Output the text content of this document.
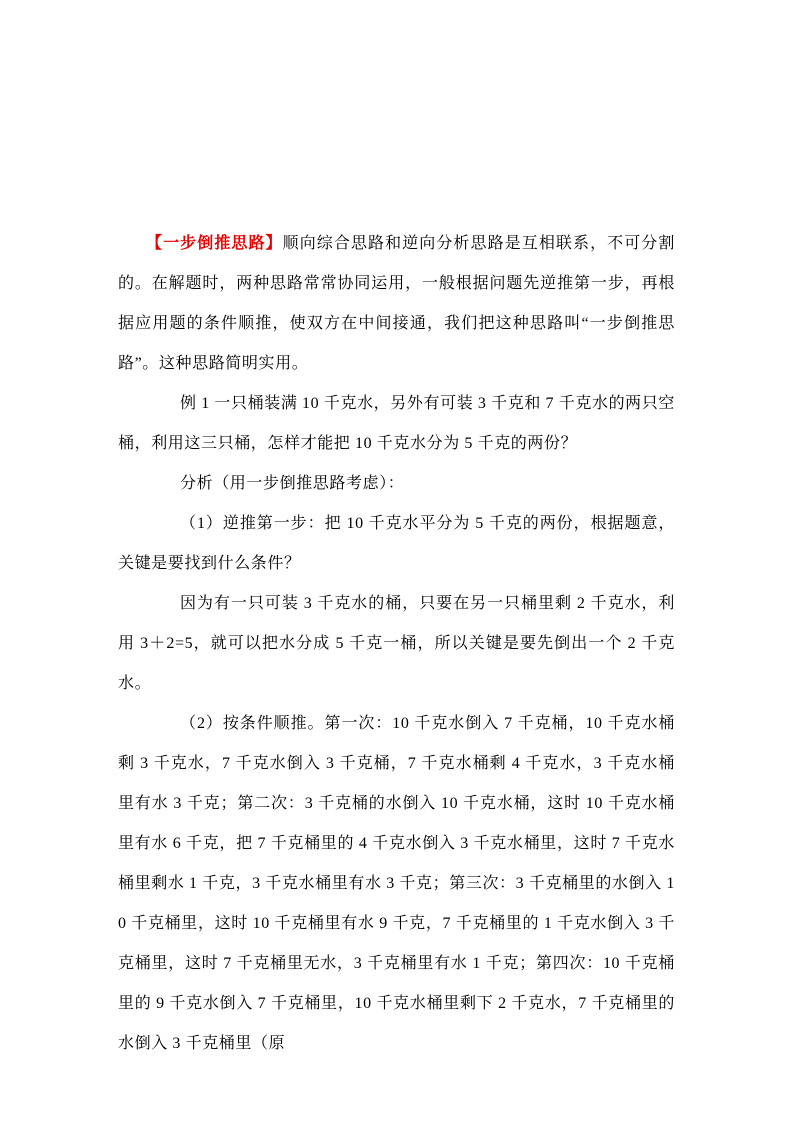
【一步倒推思路】顺向综合思路和逆向分析思路是互相联系，不可分割的。在解题时，两种思路常常协同运用，一般根据问题先逆推第一步，再根据应用题的条件顺推，使双方在中间接通，我们把这种思路叫“一步倒推思路”。这种思路简明实用。

例 1 一只桶装满 10 千克水，另外有可装 3 千克和 7 千克水的两只空桶，利用这三只桶，怎样才能把 10 千克水分为 5 千克的两份？

分析（用一步倒推思路考虑）：

（1）逆推第一步：把 10 千克水平分为 5 千克的两份，根据题意，关键是要找到什么条件？

因为有一只可装 3 千克水的桶，只要在另一只桶里剩 2 千克水，利用 3＋2=5，就可以把水分成 5 千克一桶，所以关键是要先倒出一个 2 千克水。

（2）按条件顺推。第一次：10 千克水倒入 7 千克桶，10 千克水桶剩 3 千克水，7 千克水倒入 3 千克桶，7 千克水桶剩 4 千克水，3 千克水桶里有水 3 千克；第二次：3 千克桶的水倒入 10 千克水桶，这时 10 千克水桶里有水 6 千克，把 7 千克桶里的 4 千克水倒入 3 千克水桶里，这时 7 千克水桶里剩水 1 千克，3 千克水桶里有水 3 千克；第三次：3 千克桶里的水倒入 10 千克桶里，这时 10 千克桶里有水 9 千克，7 千克桶里的 1 千克水倒入 3 千克桶里，这时 7 千克桶里无水，3 千克桶里有水 1 千克；第四次：10 千克桶里的 9 千克水倒入 7 千克桶里，10 千克水桶里剩下 2 千克水，7 千克桶里的水倒入 3 千克桶里（原
